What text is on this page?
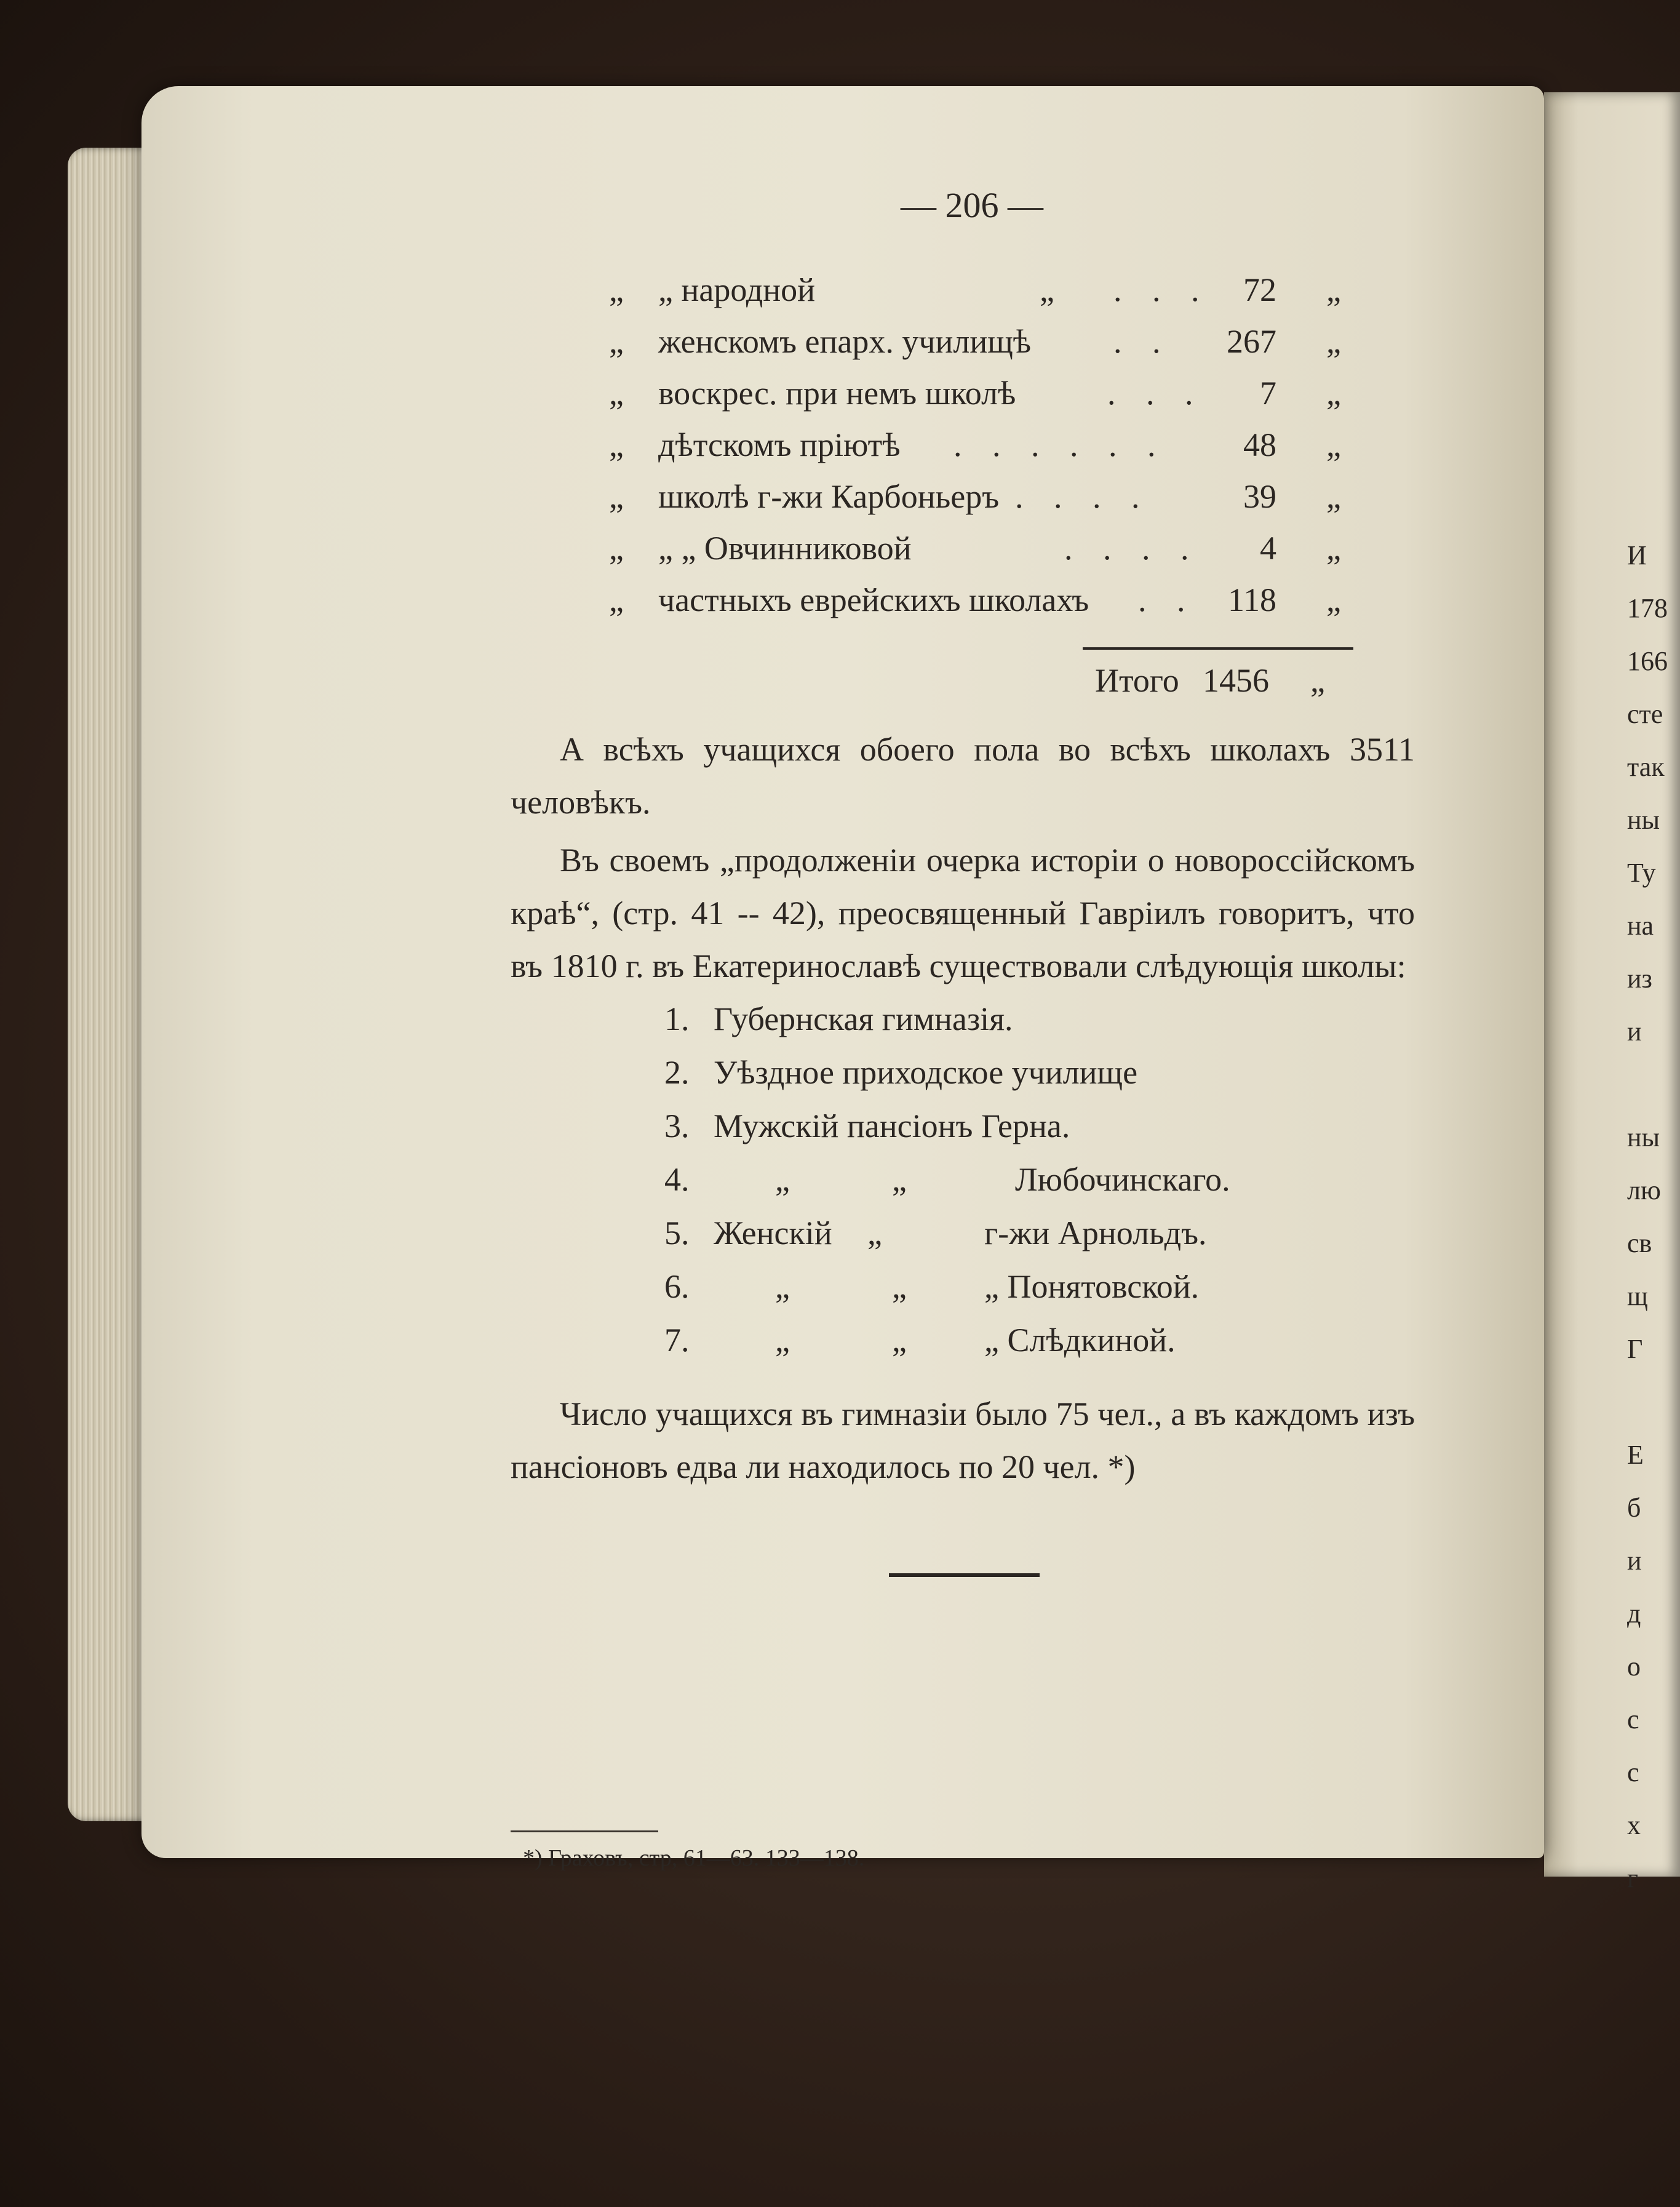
И
178
166
сте
так
ны
Ту
на
из
и
ны
лю
св
щ
Г
Е
б
и
д
о
с
с
х
г
— 206 —
„ „ народной	„ . . . 72 „
„ женскомъ епарх. училищѣ . .	267 „
„ воскрес. при немъ школѣ	. . .	7 „
„ дѣтскомъ пріютѣ . . . . . .	48 „
„ школѣ г-жи Карбоньеръ . . . .	39 „
„ „ „ Овчинниковой	. . . .	4 „
„ частныхъ еврейскихъ школахъ . . 118 „
Итого 1456 „
А всѣхъ учащихся обоего пола во всѣхъ школахъ 3511 человѣкъ.
Въ своемъ „продолженіи очерка исторіи о новороссійскомъ краѣ“, (стр. 41 -- 42), преосвященный Гавріилъ говоритъ, что въ 1810 г. въ Екатеринославѣ существовали слѣдующія школы:
1. Губернская гимназія.
2. Уѣздное приходское училище
3. Мужскій пансіонъ Герна.
4.	„	„	Любочинскаго.
5. Женскій „	г-жи Арнольдъ.
6.	„	„ „ Понятовской.
7.	„	„ „ Слѣдкиной.
Число учащихся въ гимназіи было 75 чел., а въ каждомъ изъ пансіоновъ едва ли находилось по 20 чел. *)
*) Граховъ, стр, 61—63. 133—138.
